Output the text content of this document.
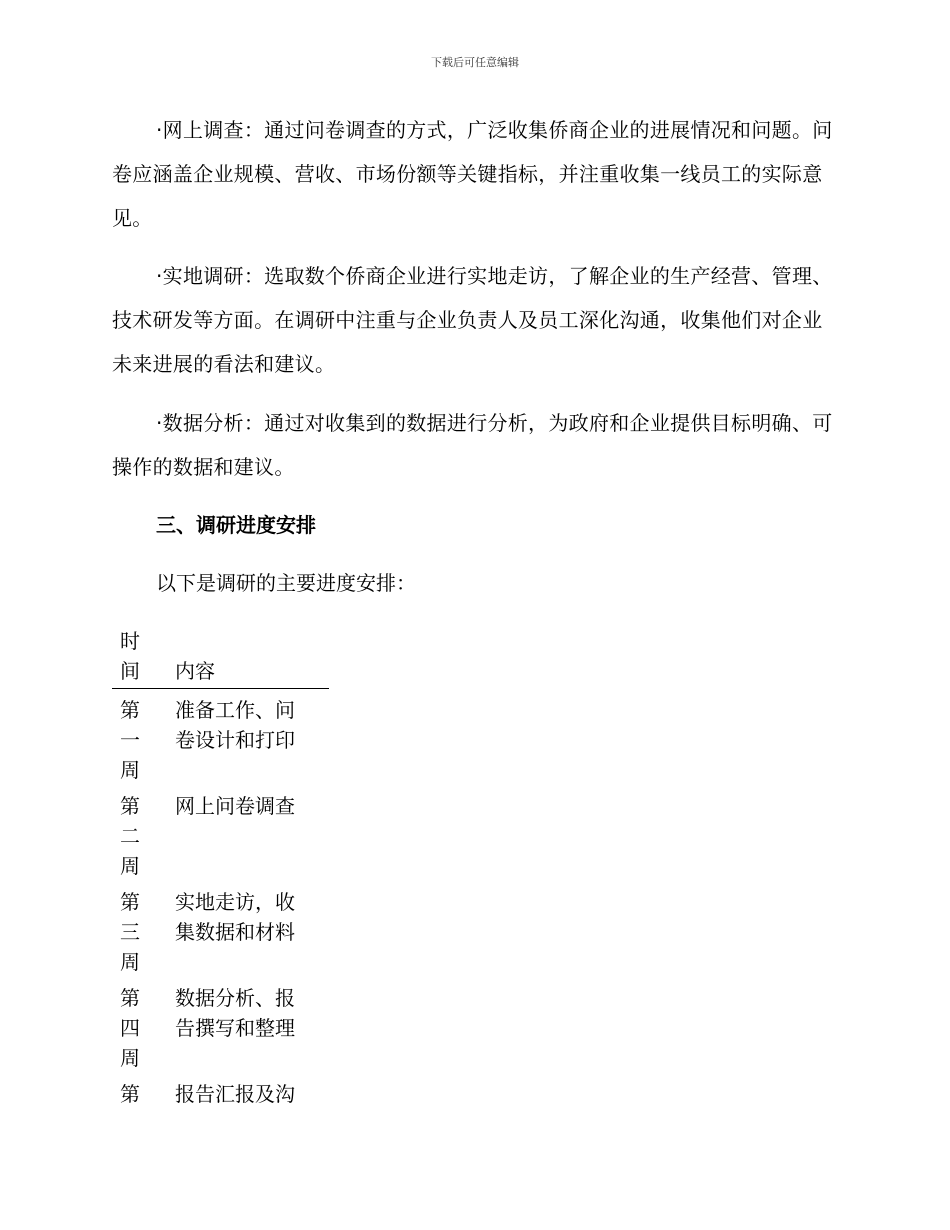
下载后可任意编辑

·网上调查：通过问卷调查的方式，广泛收集侨商企业的进展情况和问题。问卷应涵盖企业规模、营收、市场份额等关键指标，并注重收集一线员工的实际意见。

·实地调研：选取数个侨商企业进行实地走访，了解企业的生产经营、管理、技术研发等方面。在调研中注重与企业负责人及员工深化沟通，收集他们对企业未来进展的看法和建议。

·数据分析：通过对收集到的数据进行分析，为政府和企业提供目标明确、可操作的数据和建议。

三、调研进度安排

以下是调研的主要进度安排：

时间	内容
第一周	准备工作、问卷设计和打印
第二周	网上问卷调查
第三周	实地走访，收集数据和材料
第四周	数据分析、报告撰写和整理
第	报告汇报及沟
